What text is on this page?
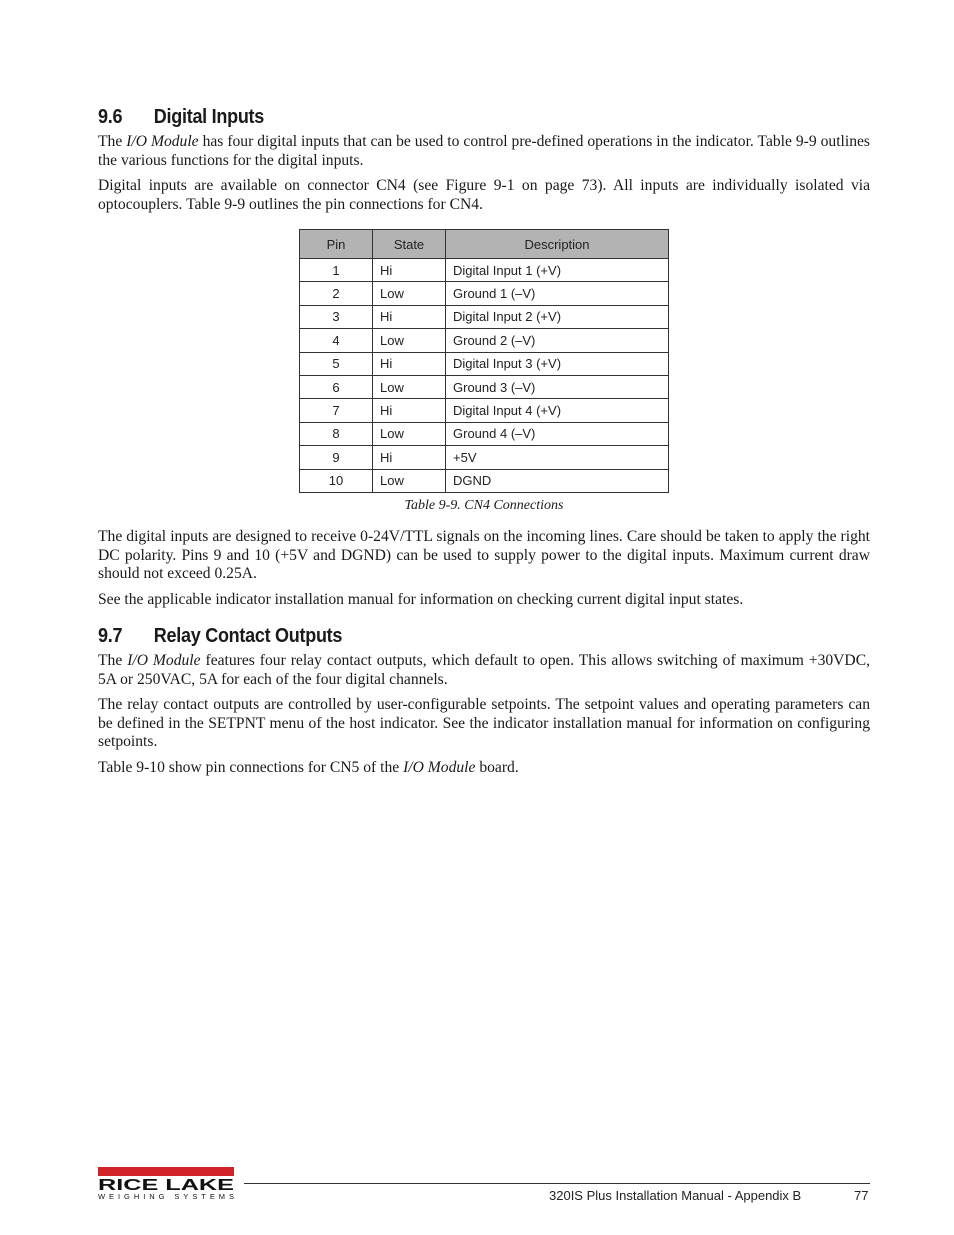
9.6 Digital Inputs

The I/O Module has four digital inputs that can be used to control pre-defined operations in the indicator. Table 9-9 outlines the various functions for the digital inputs.

Digital inputs are available on connector CN4 (see Figure 9-1 on page 73). All inputs are individually isolated via optocouplers. Table 9-9 outlines the pin connections for CN4.

Pin	State	Description
1	Hi	Digital Input 1 (+V)
2	Low	Ground 1 (–V)
3	Hi	Digital Input 2 (+V)
4	Low	Ground 2 (–V)
5	Hi	Digital Input 3 (+V)
6	Low	Ground 3 (–V)
7	Hi	Digital Input 4 (+V)
8	Low	Ground 4 (–V)
9	Hi	+5V
10	Low	DGND
Table 9-9. CN4 Connections

The digital inputs are designed to receive 0-24V/TTL signals on the incoming lines. Care should be taken to apply the right DC polarity. Pins 9 and 10 (+5V and DGND) can be used to supply power to the digital inputs. Maximum current draw should not exceed 0.25A.

See the applicable indicator installation manual for information on checking current digital input states.

9.7 Relay Contact Outputs

The I/O Module features four relay contact outputs, which default to open. This allows switching of maximum +30VDC, 5A or 250VAC, 5A for each of the four digital channels.

The relay contact outputs are controlled by user-configurable setpoints. The setpoint values and operating parameters can be defined in the SETPNT menu of the host indicator. See the indicator installation manual for information on configuring setpoints.

Table 9-10 show pin connections for CN5 of the I/O Module board.

RICE LAKE
WEIGHING SYSTEMS	320IS Plus Installation Manual - Appendix B	77
